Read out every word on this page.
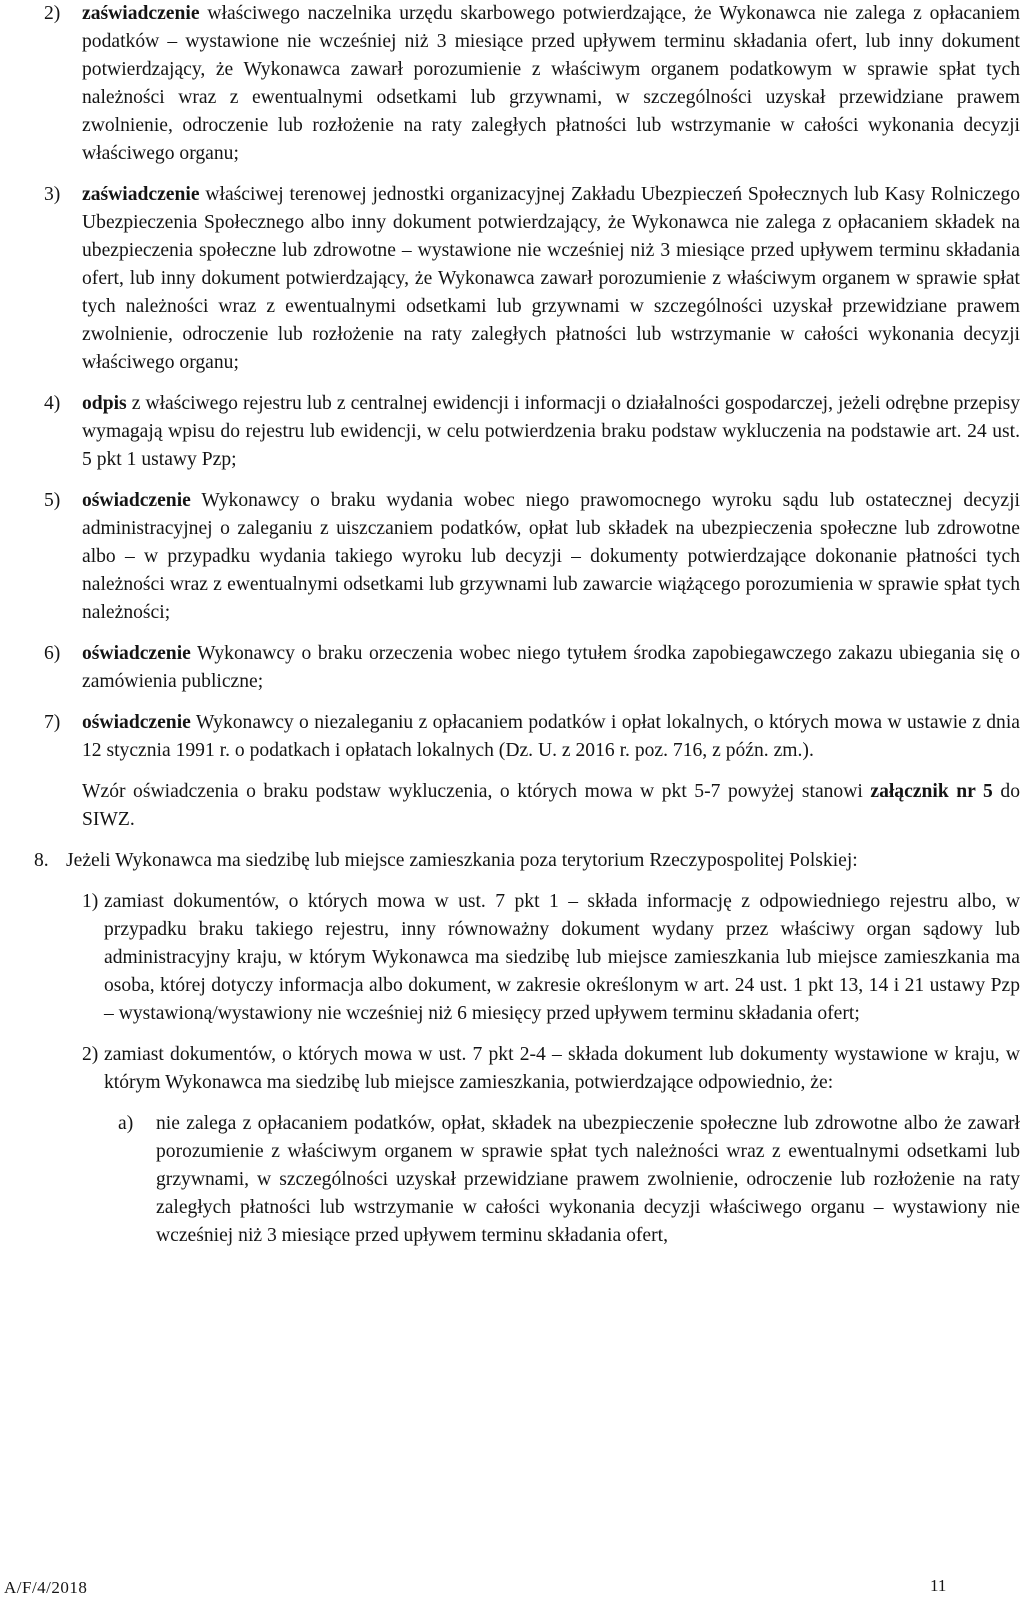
2)	zaświadczenie właściwego naczelnika urzędu skarbowego potwierdzające, że Wykonawca nie zalega z opłacaniem podatków – wystawione nie wcześniej niż 3 miesiące przed upływem terminu składania ofert, lub inny dokument potwierdzający, że Wykonawca zawarł porozumienie z właściwym organem podatkowym w sprawie spłat tych należności wraz z ewentualnymi odsetkami lub grzywnami, w szczególności uzyskał przewidziane prawem zwolnienie, odroczenie lub rozłożenie na raty zaległych płatności lub wstrzymanie w całości wykonania decyzji właściwego organu;
3)	zaświadczenie właściwej terenowej jednostki organizacyjnej Zakładu Ubezpieczeń Społecznych lub Kasy Rolniczego Ubezpieczenia Społecznego albo inny dokument potwierdzający, że Wykonawca nie zalega z opłacaniem składek na ubezpieczenia społeczne lub zdrowotne – wystawione nie wcześniej niż 3 miesiące przed upływem terminu składania ofert, lub inny dokument potwierdzający, że Wykonawca zawarł porozumienie z właściwym organem w sprawie spłat tych należności wraz z ewentualnymi odsetkami lub grzywnami w szczególności uzyskał przewidziane prawem zwolnienie, odroczenie lub rozłożenie na raty zaległych płatności lub wstrzymanie w całości wykonania decyzji właściwego organu;
4)	odpis z właściwego rejestru lub z centralnej ewidencji i informacji o działalności gospodarczej, jeżeli odrębne przepisy wymagają wpisu do rejestru lub ewidencji, w celu potwierdzenia braku podstaw wykluczenia na podstawie art. 24 ust. 5 pkt 1 ustawy Pzp;
5)	oświadczenie Wykonawcy o braku wydania wobec niego prawomocnego wyroku sądu lub ostatecznej decyzji administracyjnej o zaleganiu z uiszczaniem podatków, opłat lub składek na ubezpieczenia społeczne lub zdrowotne albo – w przypadku wydania takiego wyroku lub decyzji – dokumenty potwierdzające dokonanie płatności tych należności wraz z ewentualnymi odsetkami lub grzywnami lub zawarcie wiążącego porozumienia w sprawie spłat tych należności;
6)	oświadczenie Wykonawcy o braku orzeczenia wobec niego tytułem środka zapobiegawczego zakazu ubiegania się o zamówienia publiczne;
7)	oświadczenie Wykonawcy o niezaleganiu z opłacaniem podatków i opłat lokalnych, o których mowa w ustawie z dnia 12 stycznia 1991 r. o podatkach i opłatach lokalnych (Dz. U. z 2016 r. poz. 716, z późn. zm.).
Wzór oświadczenia o braku podstaw wykluczenia, o których mowa w pkt 5-7 powyżej stanowi załącznik nr 5 do SIWZ.
8. Jeżeli Wykonawca ma siedzibę lub miejsce zamieszkania poza terytorium Rzeczypospolitej Polskiej:
1) zamiast dokumentów, o których mowa w ust. 7 pkt 1 – składa informację z odpowiedniego rejestru albo, w przypadku braku takiego rejestru, inny równoważny dokument wydany przez właściwy organ sądowy lub administracyjny kraju, w którym Wykonawca ma siedzibę lub miejsce zamieszkania lub miejsce zamieszkania ma osoba, której dotyczy informacja albo dokument, w zakresie określonym w art. 24 ust. 1 pkt 13, 14 i 21 ustawy Pzp – wystawioną/wystawiony nie wcześniej niż 6 miesięcy przed upływem terminu składania ofert;
2) zamiast dokumentów, o których mowa w ust. 7 pkt 2-4 – składa dokument lub dokumenty wystawione w kraju, w którym Wykonawca ma siedzibę lub miejsce zamieszkania, potwierdzające odpowiednio, że:
a)	nie zalega z opłacaniem podatków, opłat, składek na ubezpieczenie społeczne lub zdrowotne albo że zawarł porozumienie z właściwym organem w sprawie spłat tych należności wraz z ewentualnymi odsetkami lub grzywnami, w szczególności uzyskał przewidziane prawem zwolnienie, odroczenie lub rozłożenie na raty zaległych płatności lub wstrzymanie w całości wykonania decyzji właściwego organu – wystawiony nie wcześniej niż 3 miesiące przed upływem terminu składania ofert,
A/F/4/2018	11
